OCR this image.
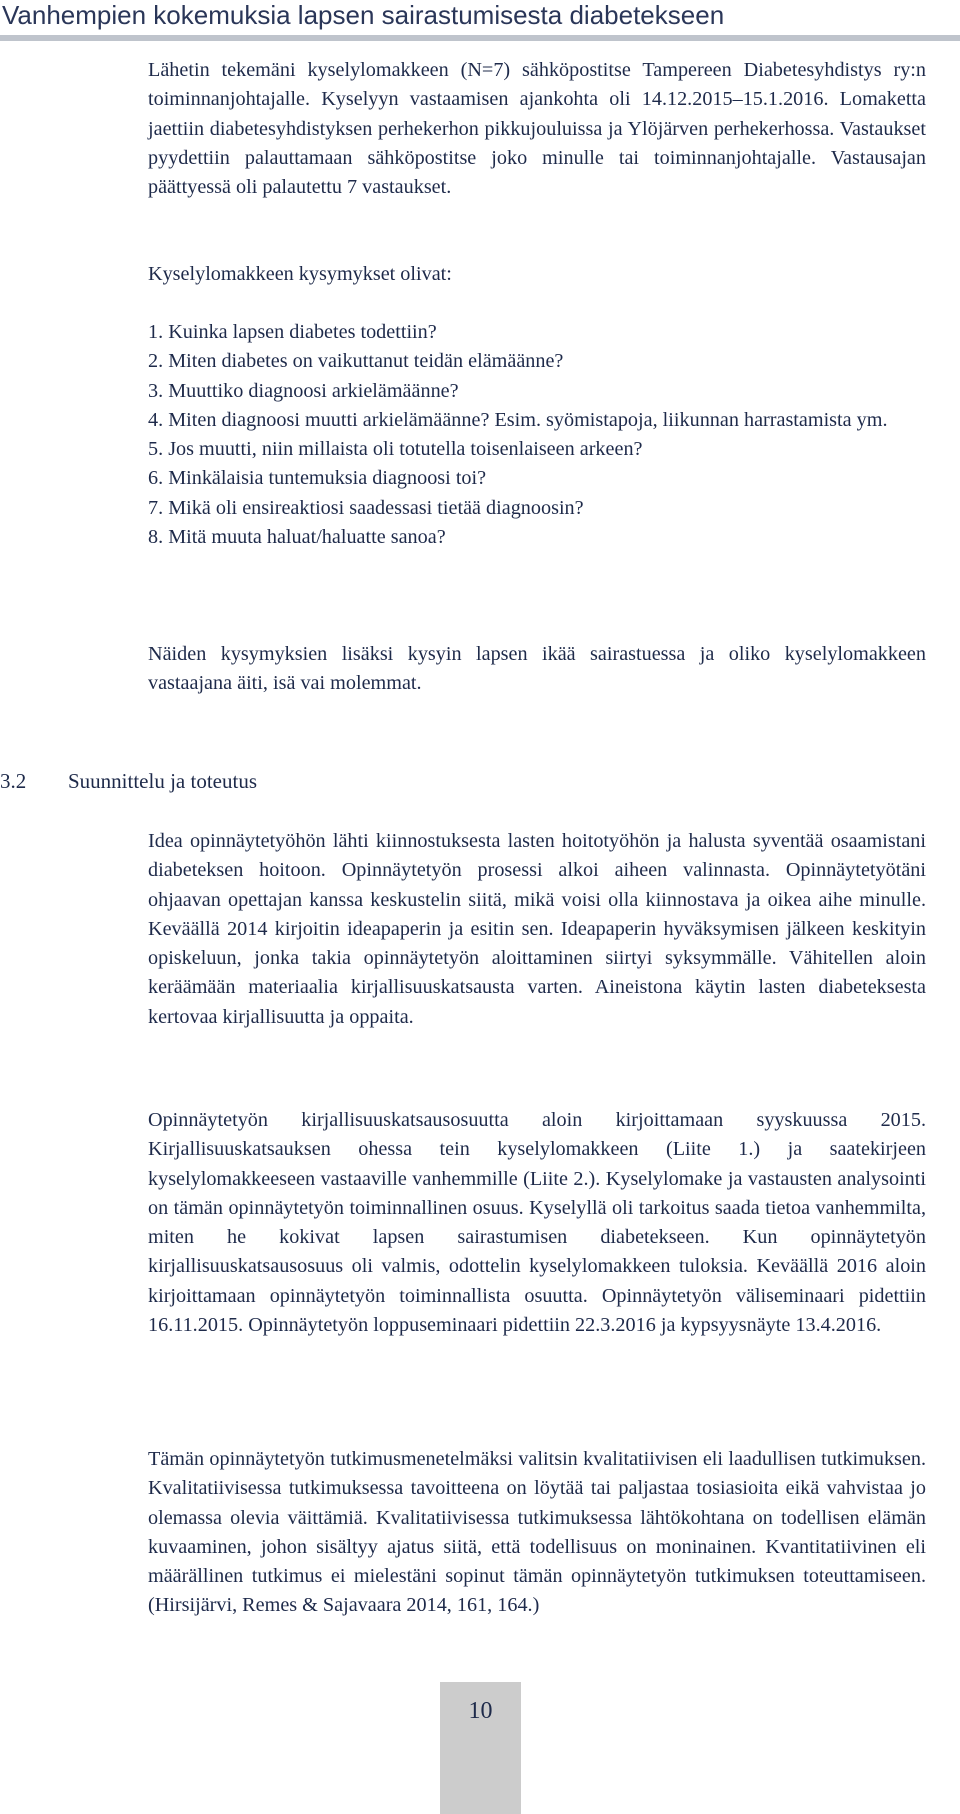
Vanhempien kokemuksia lapsen sairastumisesta diabetekseen

Lähetin tekemäni kyselylomakkeen (N=7) sähköpostitse Tampereen Diabetesyhdistys ry:n toiminnanjohtajalle. Kyselyyn vastaamisen ajankohta oli 14.12.2015–15.1.2016. Lomaketta jaettiin diabetesyhdistyksen perhekerhon pikkujouluissa ja Ylöjärven perhekerhossa. Vastaukset pyydettiin palauttamaan sähköpostitse joko minulle tai toiminnanjohtajalle. Vastausajan päättyessä oli palautettu 7 vastaukset.

Kyselylomakkeen kysymykset olivat:

1. Kuinka lapsen diabetes todettiin?
2. Miten diabetes on vaikuttanut teidän elämäänne?
3. Muuttiko diagnoosi arkielämäänne?
4. Miten diagnoosi muutti arkielämäänne? Esim. syömistapoja, liikunnan harrastamista ym.
5. Jos muutti, niin millaista oli totutella toisenlaiseen arkeen?
6. Minkälaisia tuntemuksia diagnoosi toi?
7. Mikä oli ensireaktiosi saadessasi tietää diagnoosin?
8. Mitä muuta haluat/haluatte sanoa?

Näiden kysymyksien lisäksi kysyin lapsen ikää sairastuessa ja oliko kyselylomakkeen vastaajana äiti, isä vai molemmat.

3.2 Suunnittelu ja toteutus

Idea opinnäytetyöhön lähti kiinnostuksesta lasten hoitotyöhön ja halusta syventää osaamistani diabeteksen hoitoon. Opinnäytetyön prosessi alkoi aiheen valinnasta. Opinnäytetyötäni ohjaavan opettajan kanssa keskustelin siitä, mikä voisi olla kiinnostava ja oikea aihe minulle. Keväällä 2014 kirjoitin ideapaperin ja esitin sen. Ideapaperin hyväksymisen jälkeen keskityin opiskeluun, jonka takia opinnäytetyön aloittaminen siirtyi syksymmälle. Vähitellen aloin keräämään materiaalia kirjallisuuskatsausta varten. Aineistona käytin lasten diabeteksesta kertovaa kirjallisuutta ja oppaita.

Opinnäytetyön kirjallisuuskatsausosuutta aloin kirjoittamaan syyskuussa 2015. Kirjallisuuskatsauksen ohessa tein kyselylomakkeen (Liite 1.) ja saatekirjeen kyselylomakkeeseen vastaaville vanhemmille (Liite 2.). Kyselylomake ja vastausten analysointi on tämän opinnäytetyön toiminnallinen osuus. Kyselyllä oli tarkoitus saada tietoa vanhemmilta, miten he kokivat lapsen sairastumisen diabetekseen. Kun opinnäytetyön kirjallisuuskatsausosuus oli valmis, odottelin kyselylomakkeen tuloksia. Keväällä 2016 aloin kirjoittamaan opinnäytetyön toiminnallista osuutta. Opinnäytetyön väliseminaari pidettiin 16.11.2015. Opinnäytetyön loppuseminaari pidettiin 22.3.2016 ja kypsyysnäyte 13.4.2016.

Tämän opinnäytetyön tutkimusmenetelmäksi valitsin kvalitatiivisen eli laadullisen tutkimuksen. Kvalitatiivisessa tutkimuksessa tavoitteena on löytää tai paljastaa tosiasioita eikä vahvistaa jo olemassa olevia väittämiä. Kvalitatiivisessa tutkimuksessa lähtökohtana on todellisen elämän kuvaaminen, johon sisältyy ajatus siitä, että todellisuus on moninainen. Kvantitatiivinen eli määrällinen tutkimus ei mielestäni sopinut tämän opinnäytetyön tutkimuksen toteuttamiseen. (Hirsijärvi, Remes & Sajavaara 2014, 161, 164.)

10
